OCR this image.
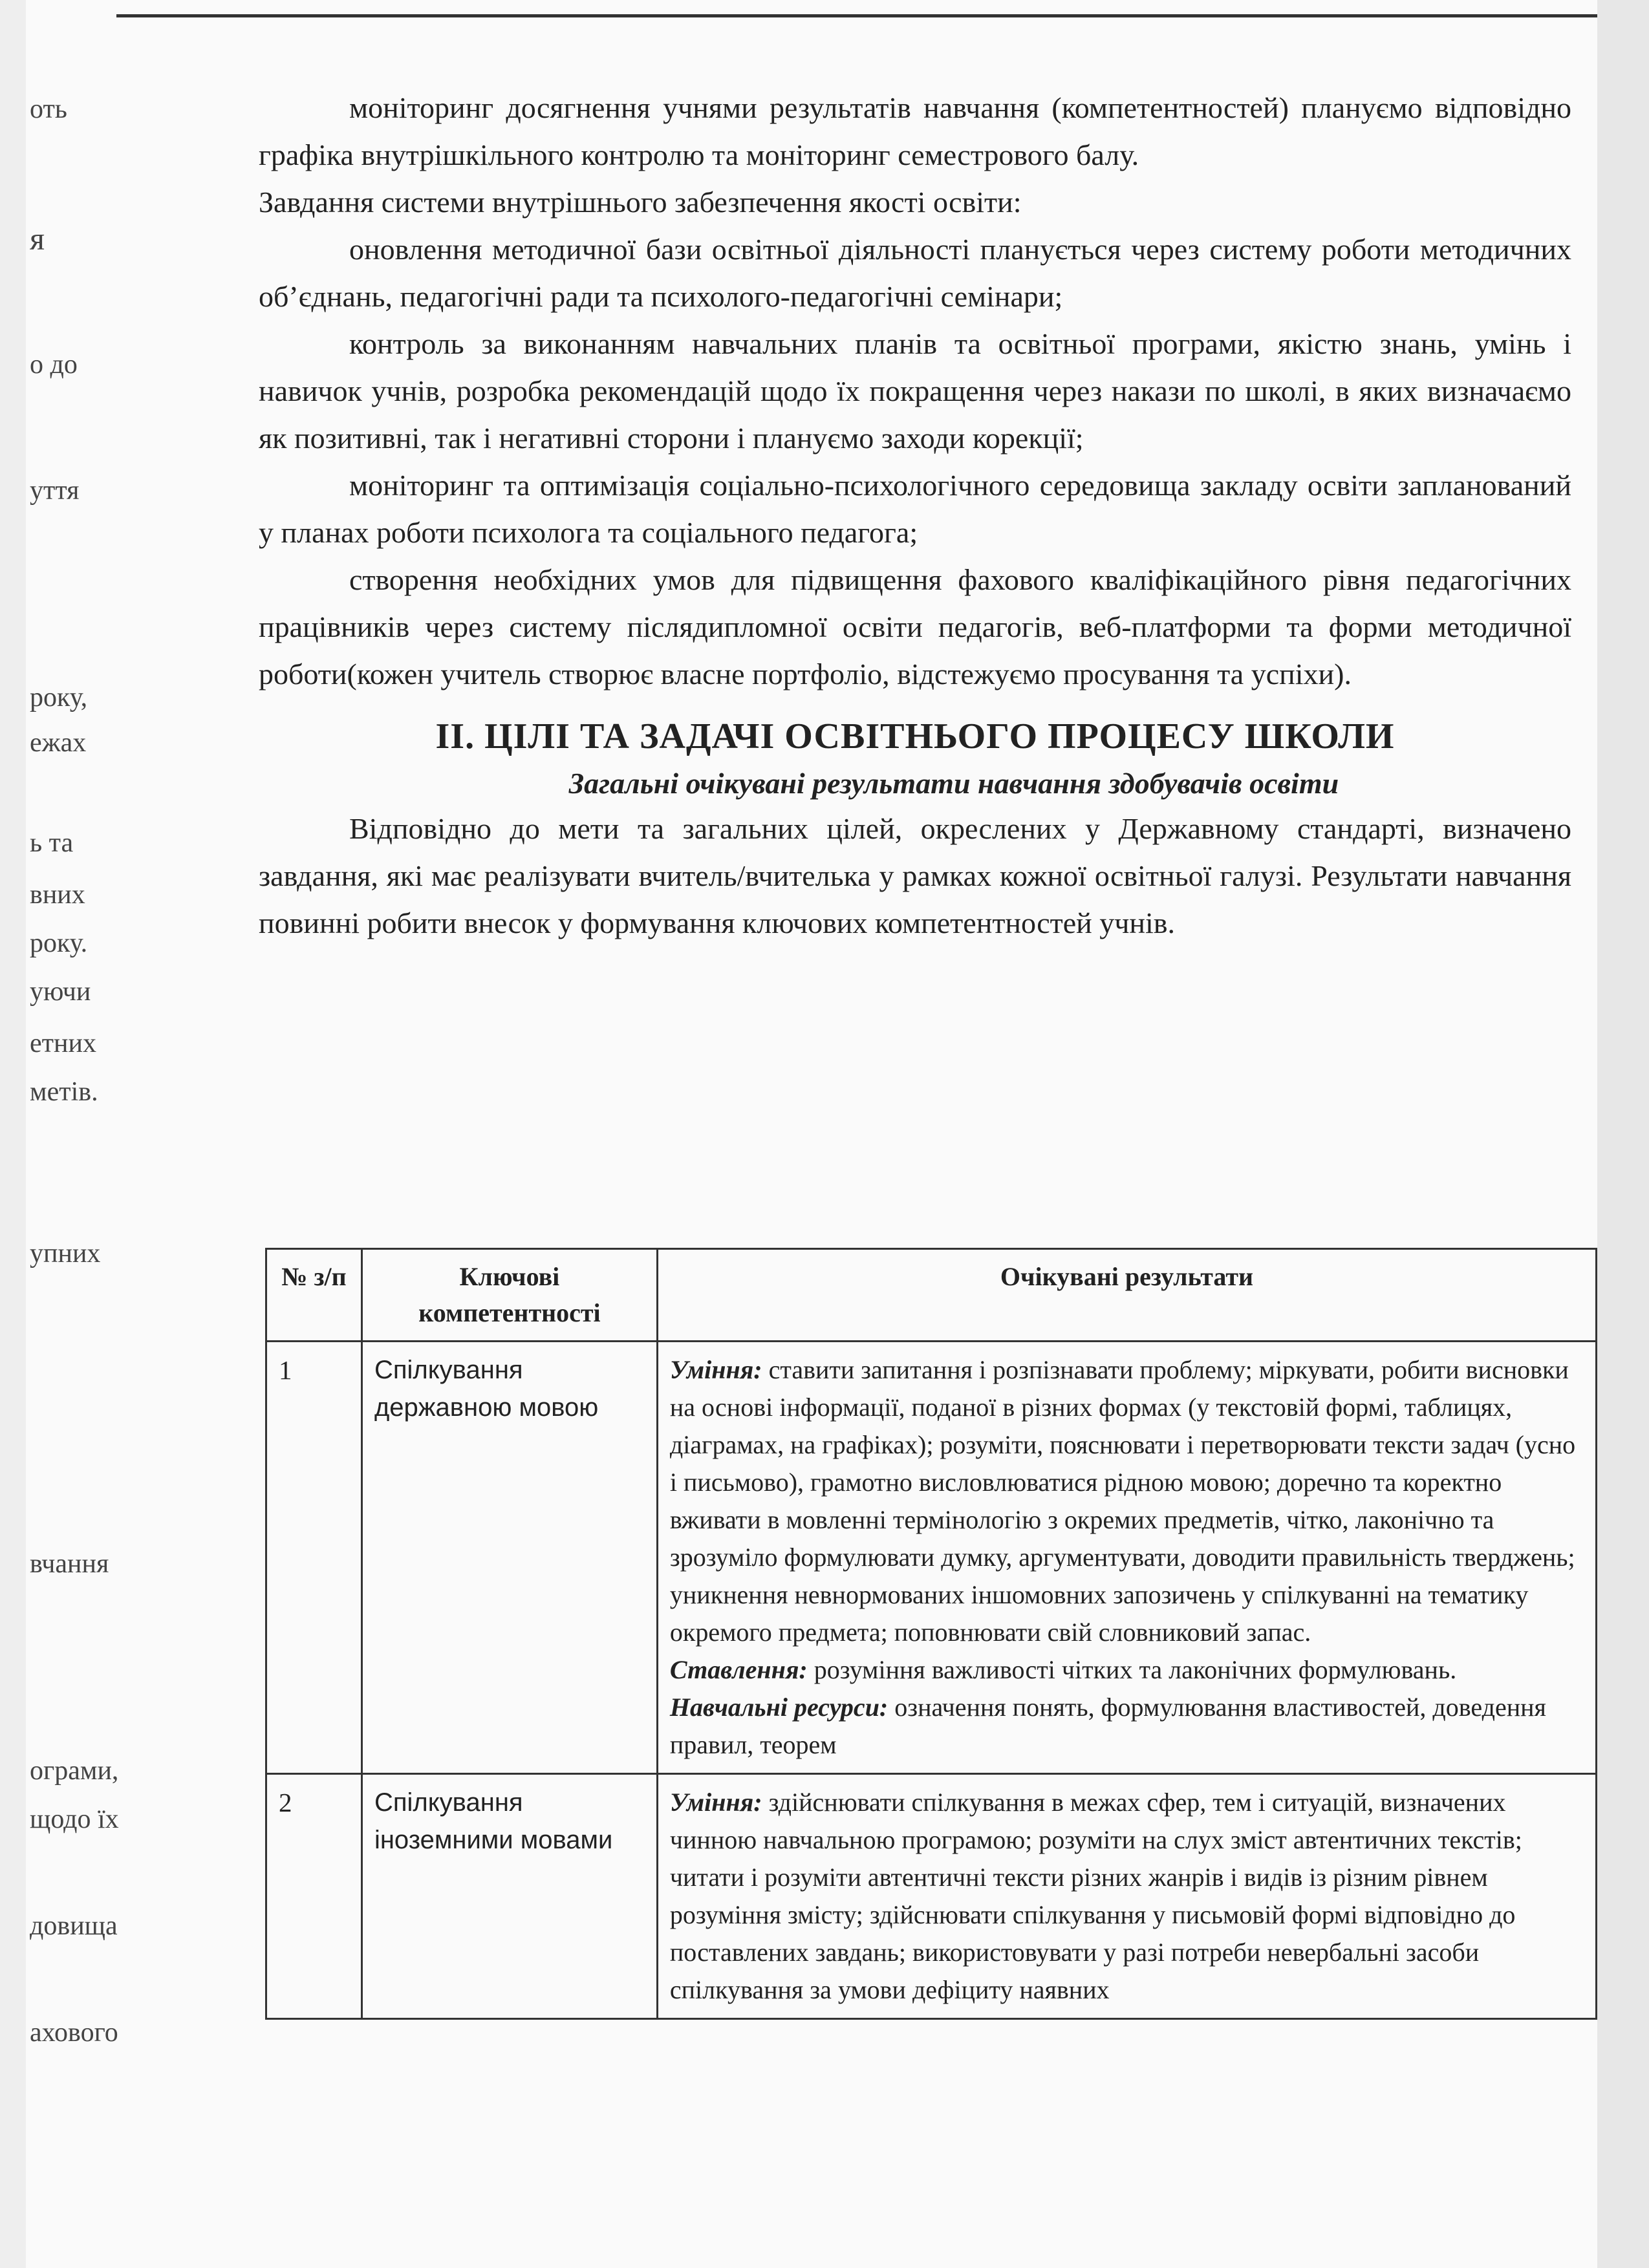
оть
я
о до
уття
року,
ежах
ь та
вних
року.
уючи
етних
метів.
упних
вчання
ограми,
щодо їх
довища
ахового

моніторинг досягнення учнями результатів навчання (компетентностей) плануємо відповідно графіка внутрішкільного контролю та моніторинг семестрового балу.

Завдання системи внутрішнього забезпечення якості освіти:

оновлення методичної бази освітньої діяльності планується через систему роботи методичних об’єднань, педагогічні ради та психолого-педагогічні семінари;

контроль за виконанням навчальних планів та освітньої програми, якістю знань, умінь і навичок учнів, розробка рекомендацій щодо їх покращення через накази по школі, в яких визначаємо як позитивні, так і негативні сторони і плануємо заходи корекції;

моніторинг та оптимізація соціально-психологічного середовища закладу освіти запланований у планах роботи психолога та соціального педагога;

створення необхідних умов для підвищення фахового кваліфікаційного рівня педагогічних працівників через систему післядипломної освіти педагогів, веб-платформи та форми методичної роботи(кожен учитель створює власне портфоліо, відстежуємо просування та успіхи).

II. ЦІЛІ ТА ЗАДАЧІ ОСВІТНЬОГО ПРОЦЕСУ ШКОЛИ
Загальні очікувані результати навчання здобувачів освіти

Відповідно до мети та загальних цілей, окреслених у Державному стандарті, визначено завдання, які має реалізувати вчитель/вчителька у рамках кожної освітньої галузі. Результати навчання повинні робити внесок у формування ключових компетентностей учнів.

№ з/п	Ключові компетентності	Очікувані результати
1	Спілкування державною мовою	Уміння: ставити запитання і розпізнавати проблему; міркувати, робити висновки на основі інформації, поданої в різних формах (у текстовій формі, таблицях, діаграмах, на графіках); розуміти, пояснювати і перетворювати тексти задач (усно і письмово), грамотно висловлюватися рідною мовою; доречно та коректно вживати в мовленні термінологію з окремих предметів, чітко, лаконічно та зрозуміло формулювати думку, аргументувати, доводити правильність тверджень; уникнення невнормованих іншомовних запозичень у спілкуванні на тематику окремого предмета; поповнювати свій словниковий запас.

Ставлення: розуміння важливості чітких та лаконічних формулювань.

Навчальні ресурси: означення понять, формулювання властивостей, доведення правил, теорем

2	Спілкування іноземними мовами	Уміння: здійснювати спілкування в межах сфер, тем і ситуацій, визначених чинною навчальною програмою; розуміти на слух зміст автентичних текстів; читати і розуміти автентичні тексти різних жанрів і видів із різним рівнем розуміння змісту; здійснювати спілкування у письмовій формі відповідно до поставлених завдань; використовувати у разі потреби невербальні засоби спілкування за умови дефіциту наявних
